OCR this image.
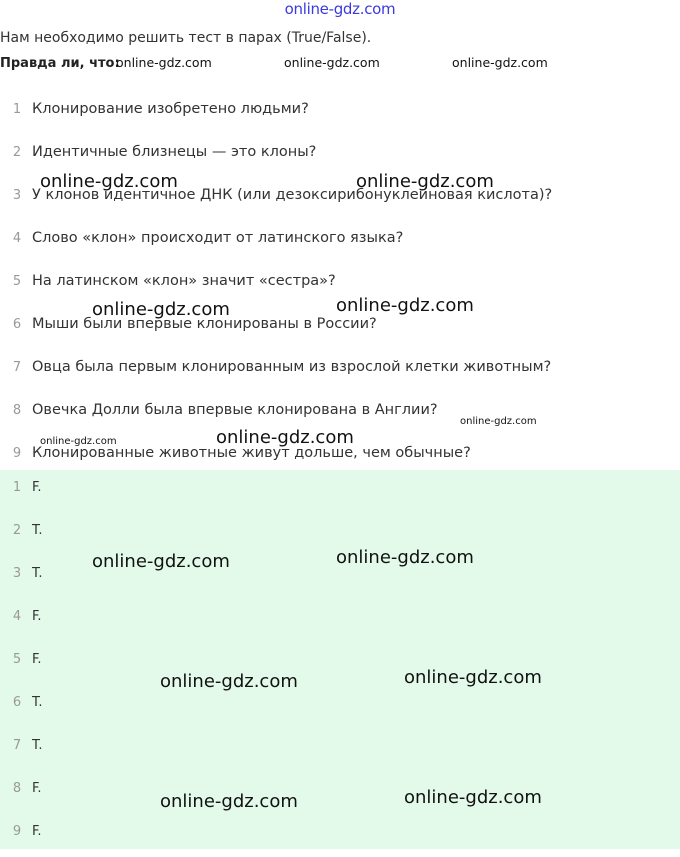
online-gdz.com
Нам необходимо решить тест в парах (True/False).
Правда ли, что:
1 Клонирование изобретено людьми?
2 Идентичные близнецы — это клоны?
3 У клонов идентичное ДНК (или дезоксирибонуклеиновая кислота)?
4 Слово «клон» происходит от латинского языка?
5 На латинском «клон» значит «сестра»?
6 Мыши были впервые клонированы в России?
7 Овца была первым клонированным из взрослой клетки животным?
8 Овечка Долли была впервые клонирована в Англии?
9 Клонированные животные живут дольше, чем обычные?
1 F.
2 T.
3 T.
4 F.
5 F.
6 T.
7 T.
8 F.
9 F.
online-gdz.com	online-gdz.com	online-gdz.com
online-gdz.com	online-gdz.com
online-gdz.com	online-gdz.com
online-gdz.com
online-gdz.com	online-gdz.com
online-gdz.com	online-gdz.com
online-gdz.com	online-gdz.com
online-gdz.com	online-gdz.com
